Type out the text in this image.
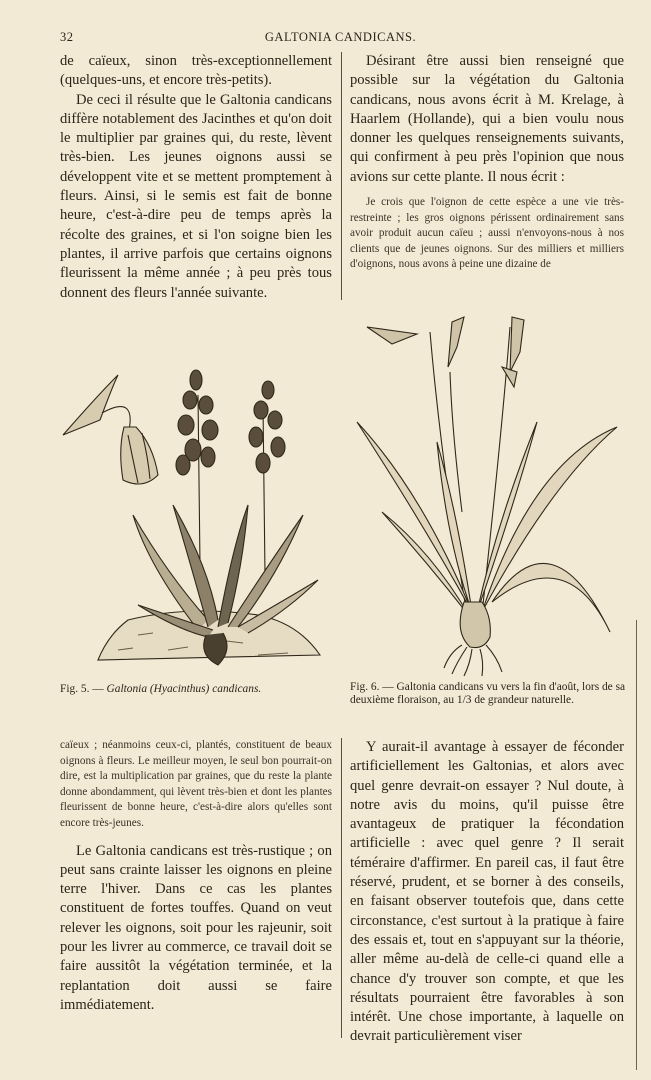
32	GALTONIA CANDICANS.

de caïeux, sinon très-exceptionnellement (quelques-uns, et encore très-petits).

De ceci il résulte que le Galtonia candicans diffère notablement des Jacinthes et qu'on doit le multiplier par graines qui, du reste, lèvent très-bien. Les jeunes oignons aussi se développent vite et se mettent promptement à fleurs. Ainsi, si le semis est fait de bonne heure, c'est-à-dire peu de temps après la récolte des graines, et si l'on soigne bien les plantes, il arrive parfois que certains oignons fleurissent la même année ; à peu près tous donnent des fleurs l'année suivante.

Désirant être aussi bien renseigné que possible sur la végétation du Galtonia candicans, nous avons écrit à M. Krelage, à Haarlem (Hollande), qui a bien voulu nous donner les quelques renseignements suivants, qui confirment à peu près l'opinion que nous avions sur cette plante. Il nous écrit :

Je crois que l'oignon de cette espèce a une vie très-restreinte ; les gros oignons périssent ordinairement sans avoir produit aucun caïeu ; aussi n'envoyons-nous à nos clients que de jeunes oignons. Sur des milliers et milliers d'oignons, nous avons à peine une dizaine de

Fig. 5. — Galtonia (Hyacinthus) candicans.	Fig. 6. — Galtonia candicans vu vers la fin d'août, lors de sa deuxième floraison, au 1/3 de grandeur naturelle.

caïeux ; néanmoins ceux-ci, plantés, constituent de beaux oignons à fleurs. Le meilleur moyen, le seul bon pourrait-on dire, est la multiplication par graines, que du reste la plante donne abondamment, qui lèvent très-bien et dont les plantes fleurissent de bonne heure, c'est-à-dire alors qu'elles sont encore très-jeunes.

Le Galtonia candicans est très-rustique ; on peut sans crainte laisser les oignons en pleine terre l'hiver. Dans ce cas les plantes constituent de fortes touffes. Quand on veut relever les oignons, soit pour les rajeunir, soit pour les livrer au commerce, ce travail doit se faire aussitôt la végétation terminée, et la replantation doit aussi se faire immédiatement.

Y aurait-il avantage à essayer de féconder artificiellement les Galtonias, et alors avec quel genre devrait-on essayer ? Nul doute, à notre avis du moins, qu'il puisse être avantageux de pratiquer la fécondation artificielle : avec quel genre ? Il serait téméraire d'affirmer. En pareil cas, il faut être réservé, prudent, et se borner à des conseils, en faisant observer toutefois que, dans cette circonstance, c'est surtout à la pratique à faire des essais et, tout en s'appuyant sur la théorie, aller même au-delà de celle-ci quand elle a chance d'y trouver son compte, et que les résultats pourraient être favorables à son intérêt. Une chose importante, à laquelle on devrait particulièrement viser
